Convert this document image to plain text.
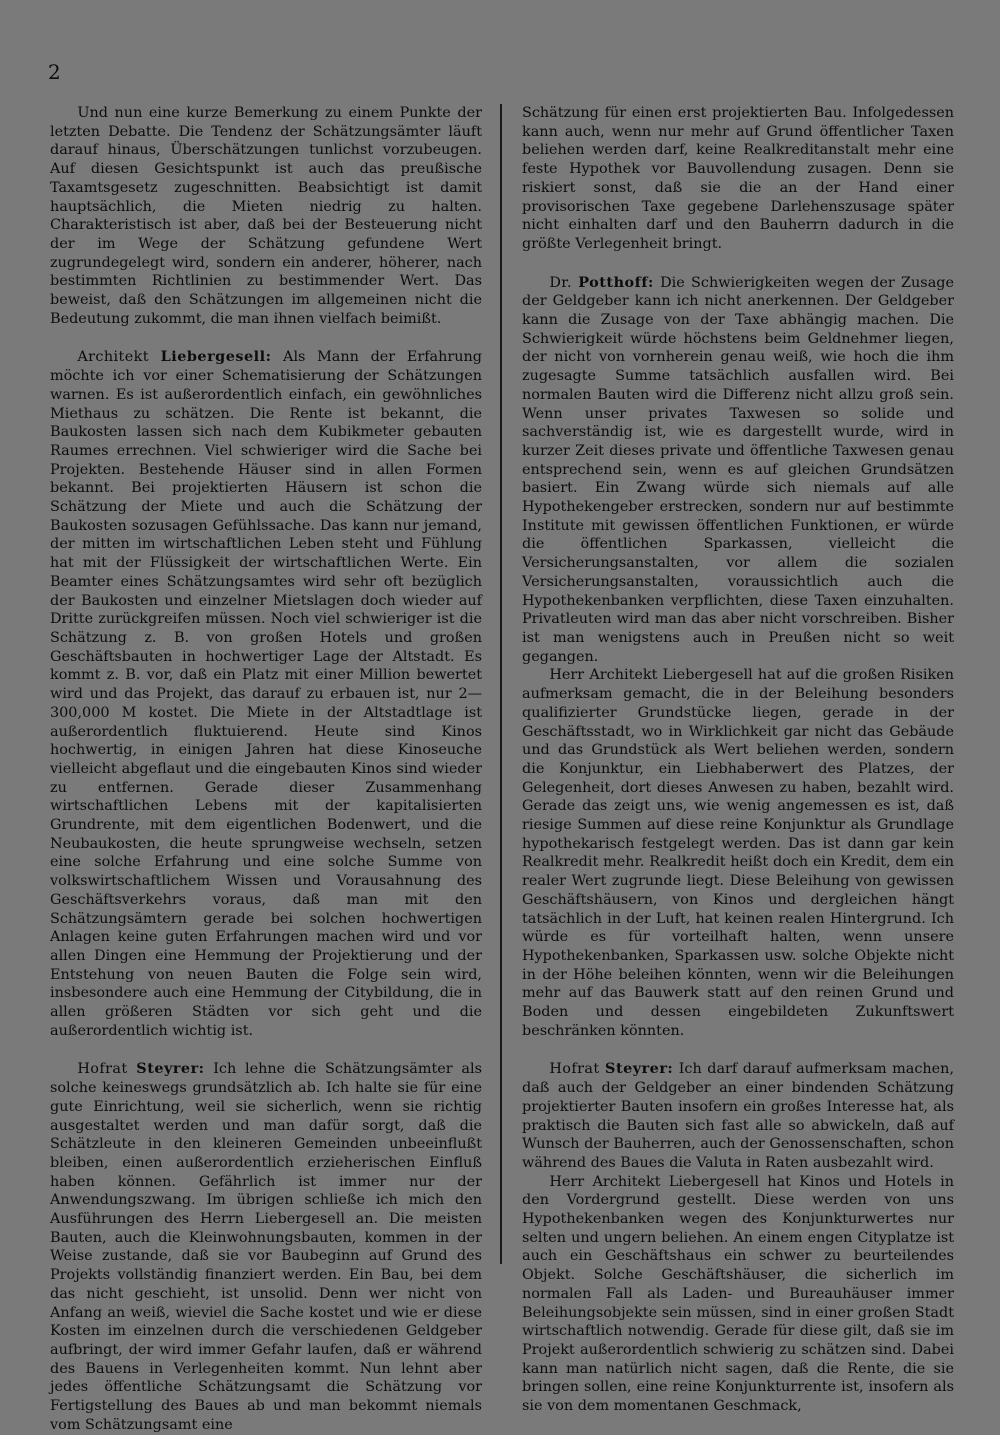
2

Und nun eine kurze Bemerkung zu einem Punkte der letzten Debatte. Die Tendenz der Schätzungsämter läuft darauf hinaus, Überschätzungen tunlichst vorzubeugen. Auf diesen Gesichtspunkt ist auch das preußische Taxamtsgesetz zugeschnitten. Beabsichtigt ist damit hauptsächlich, die Mieten niedrig zu halten. Charakteristisch ist aber, daß bei der Besteuerung nicht der im Wege der Schätzung gefundene Wert zugrundegelegt wird, sondern ein anderer, höherer, nach bestimmten Richtlinien zu bestimmender Wert. Das beweist, daß den Schätzungen im allgemeinen nicht die Bedeutung zukommt, die man ihnen vielfach beimißt.

Architekt Liebergesell: Als Mann der Erfahrung möchte ich vor einer Schematisierung der Schätzungen warnen. Es ist außerordentlich einfach, ein gewöhnliches Miethaus zu schätzen. Die Rente ist bekannt, die Baukosten lassen sich nach dem Kubikmeter gebauten Raumes errechnen. Viel schwieriger wird die Sache bei Projekten. Bestehende Häuser sind in allen Formen bekannt. Bei projektierten Häusern ist schon die Schätzung der Miete und auch die Schätzung der Baukosten sozusagen Gefühlssache. Das kann nur jemand, der mitten im wirtschaftlichen Leben steht und Fühlung hat mit der Flüssigkeit der wirtschaftlichen Werte. Ein Beamter eines Schätzungsamtes wird sehr oft bezüglich der Baukosten und einzelner Mietslagen doch wieder auf Dritte zurückgreifen müssen. Noch viel schwieriger ist die Schätzung z. B. von großen Hotels und großen Geschäftsbauten in hochwertiger Lage der Altstadt. Es kommt z. B. vor, daß ein Platz mit einer Million bewertet wird und das Projekt, das darauf zu erbauen ist, nur 2—300,000 M kostet. Die Miete in der Altstadtlage ist außerordentlich fluktuierend. Heute sind Kinos hochwertig, in einigen Jahren hat diese Kinoseuche vielleicht abgeflaut und die eingebauten Kinos sind wieder zu entfernen. Gerade dieser Zusammenhang wirtschaftlichen Lebens mit der kapitalisierten Grundrente, mit dem eigentlichen Bodenwert, und die Neubaukosten, die heute sprungweise wechseln, setzen eine solche Erfahrung und eine solche Summe von volkswirtschaftlichem Wissen und Vorausahnung des Geschäftsverkehrs voraus, daß man mit den Schätzungsämtern gerade bei solchen hochwertigen Anlagen keine guten Erfahrungen machen wird und vor allen Dingen eine Hemmung der Projektierung und der Entstehung von neuen Bauten die Folge sein wird, insbesondere auch eine Hemmung der Citybildung, die in allen größeren Städten vor sich geht und die außerordentlich wichtig ist.

Hofrat Steyrer: Ich lehne die Schätzungsämter als solche keineswegs grundsätzlich ab. Ich halte sie für eine gute Einrichtung, weil sie sicherlich, wenn sie richtig ausgestaltet werden und man dafür sorgt, daß die Schätzleute in den kleineren Gemeinden unbeeinflußt bleiben, einen außerordentlich erzieherischen Einfluß haben können. Gefährlich ist immer nur der Anwendungszwang. Im übrigen schließe ich mich den Ausführungen des Herrn Liebergesell an. Die meisten Bauten, auch die Kleinwohnungsbauten, kommen in der Weise zustande, daß sie vor Baubeginn auf Grund des Projekts vollständig finanziert werden. Ein Bau, bei dem das nicht geschieht, ist unsolid. Denn wer nicht von Anfang an weiß, wieviel die Sache kostet und wie er diese Kosten im einzelnen durch die verschiedenen Geldgeber aufbringt, der wird immer Gefahr laufen, daß er während des Bauens in Verlegenheiten kommt. Nun lehnt aber jedes öffentliche Schätzungsamt die Schätzung vor Fertigstellung des Baues ab und man bekommt niemals vom Schätzungsamt eine

Schätzung für einen erst projektierten Bau. Infolgedessen kann auch, wenn nur mehr auf Grund öffentlicher Taxen beliehen werden darf, keine Realkreditanstalt mehr eine feste Hypothek vor Bauvollendung zusagen. Denn sie riskiert sonst, daß sie die an der Hand einer provisorischen Taxe gegebene Darlehenszusage später nicht einhalten darf und den Bauherrn dadurch in die größte Verlegenheit bringt.

Dr. Potthoff: Die Schwierigkeiten wegen der Zusage der Geldgeber kann ich nicht anerkennen. Der Geldgeber kann die Zusage von der Taxe abhängig machen. Die Schwierigkeit würde höchstens beim Geldnehmer liegen, der nicht von vornherein genau weiß, wie hoch die ihm zugesagte Summe tatsächlich ausfallen wird. Bei normalen Bauten wird die Differenz nicht allzu groß sein. Wenn unser privates Taxwesen so solide und sachverständig ist, wie es dargestellt wurde, wird in kurzer Zeit dieses private und öffentliche Taxwesen genau entsprechend sein, wenn es auf gleichen Grundsätzen basiert. Ein Zwang würde sich niemals auf alle Hypothekengeber erstrecken, sondern nur auf bestimmte Institute mit gewissen öffentlichen Funktionen, er würde die öffentlichen Sparkassen, vielleicht die Versicherungsanstalten, vor allem die sozialen Versicherungsanstalten, voraussichtlich auch die Hypothekenbanken verpflichten, diese Taxen einzuhalten. Privatleuten wird man das aber nicht vorschreiben. Bisher ist man wenigstens auch in Preußen nicht so weit gegangen.

Herr Architekt Liebergesell hat auf die großen Risiken aufmerksam gemacht, die in der Beleihung besonders qualifizierter Grundstücke liegen, gerade in der Geschäftsstadt, wo in Wirklichkeit gar nicht das Gebäude und das Grundstück als Wert beliehen werden, sondern die Konjunktur, ein Liebhaberwert des Platzes, der Gelegenheit, dort dieses Anwesen zu haben, bezahlt wird. Gerade das zeigt uns, wie wenig angemessen es ist, daß riesige Summen auf diese reine Konjunktur als Grundlage hypothekarisch festgelegt werden. Das ist dann gar kein Realkredit mehr. Realkredit heißt doch ein Kredit, dem ein realer Wert zugrunde liegt. Diese Beleihung von gewissen Geschäftshäusern, von Kinos und dergleichen hängt tatsächlich in der Luft, hat keinen realen Hintergrund. Ich würde es für vorteilhaft halten, wenn unsere Hypothekenbanken, Sparkassen usw. solche Objekte nicht in der Höhe beleihen könnten, wenn wir die Beleihungen mehr auf das Bauwerk statt auf den reinen Grund und Boden und dessen eingebildeten Zukunftswert beschränken könnten.

Hofrat Steyrer: Ich darf darauf aufmerksam machen, daß auch der Geldgeber an einer bindenden Schätzung projektierter Bauten insofern ein großes Interesse hat, als praktisch die Bauten sich fast alle so abwickeln, daß auf Wunsch der Bauherren, auch der Genossenschaften, schon während des Baues die Valuta in Raten ausbezahlt wird.

Herr Architekt Liebergesell hat Kinos und Hotels in den Vordergrund gestellt. Diese werden von uns Hypothekenbanken wegen des Konjunkturwertes nur selten und ungern beliehen. An einem engen Cityplatze ist auch ein Geschäftshaus ein schwer zu beurteilendes Objekt. Solche Geschäftshäuser, die sicherlich im normalen Fall als Laden- und Bureauhäuser immer Beleihungsobjekte sein müssen, sind in einer großen Stadt wirtschaftlich notwendig. Gerade für diese gilt, daß sie im Projekt außerordentlich schwierig zu schätzen sind. Dabei kann man natürlich nicht sagen, daß die Rente, die sie bringen sollen, eine reine Konjunkturrente ist, insofern als sie von dem momentanen Geschmack,
